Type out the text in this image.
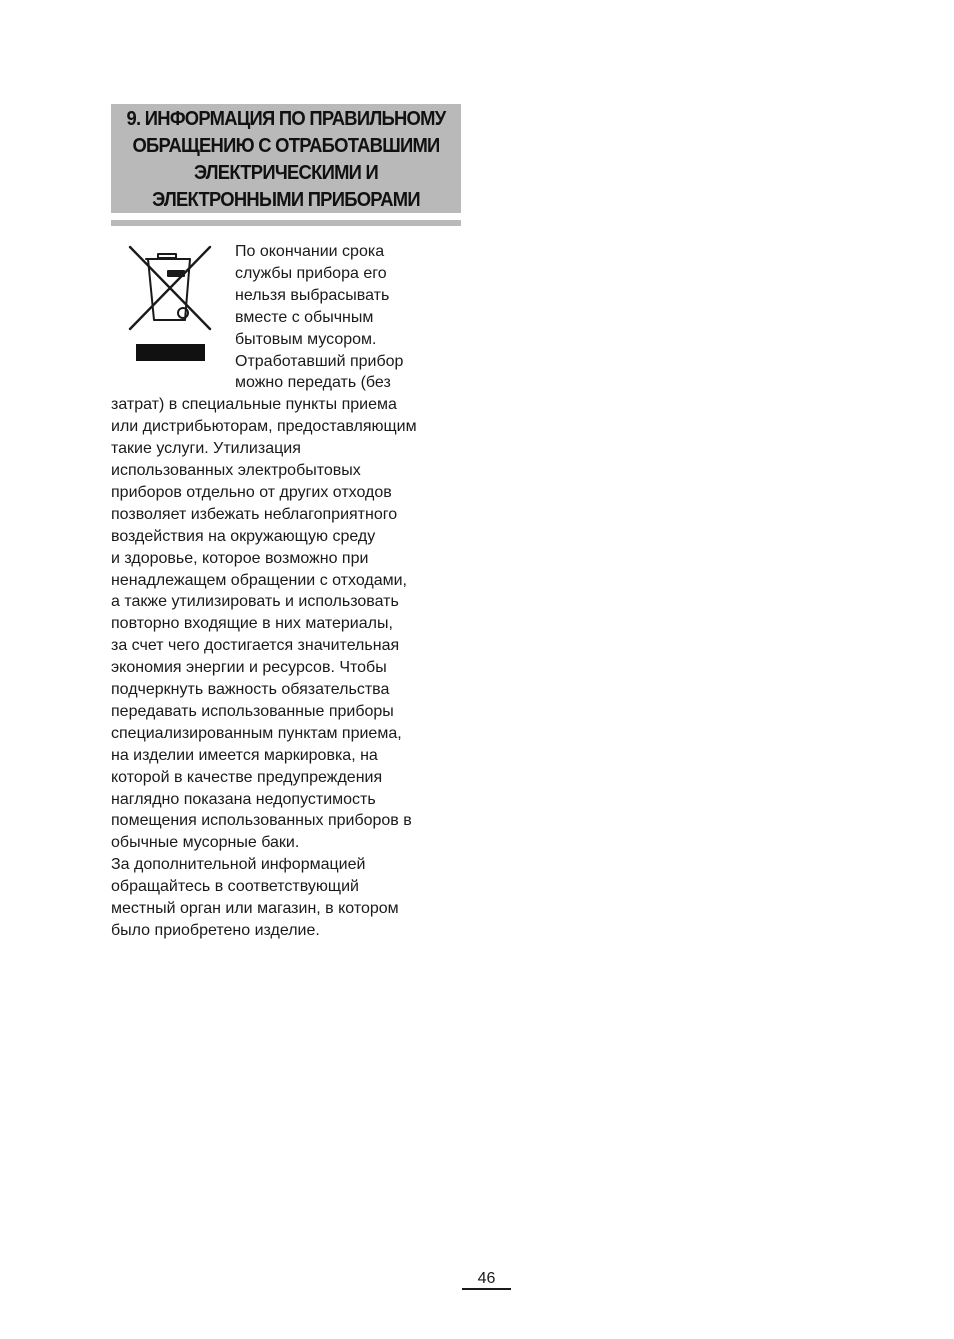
9. ИНФОРМАЦИЯ ПО ПРАВИЛЬНОМУ
ОБРАЩЕНИЮ С ОТРАБОТАВШИМИ
ЭЛЕКТРИЧЕСКИМИ И
ЭЛЕКТРОННЫМИ ПРИБОРАМИ
По окончании срока
службы прибора его
нельзя выбрасывать
вместе с обычным
бытовым мусором.
Отработавший прибор
можно передать (без
затрат) в специальные пункты приема
или дистрибьюторам, предоставляющим
такие услуги. Утилизация
использованных электробытовых
приборов отдельно от других отходов
позволяет избежать неблагоприятного
воздействия на окружающую среду
и здоровье, которое возможно при
ненадлежащем обращении с отходами,
а также утилизировать и использовать
повторно входящие в них материалы,
за счет чего достигается значительная
экономия энергии и ресурсов. Чтобы
подчеркнуть важность обязательства
передавать использованные приборы
специализированным пунктам приема,
на изделии имеется маркировка, на
которой в качестве предупреждения
наглядно показана недопустимость
помещения использованных приборов в
обычные мусорные баки.
За дополнительной информацией
обращайтесь в соответствующий
местный орган или магазин, в котором
было приобретено изделие.
46
